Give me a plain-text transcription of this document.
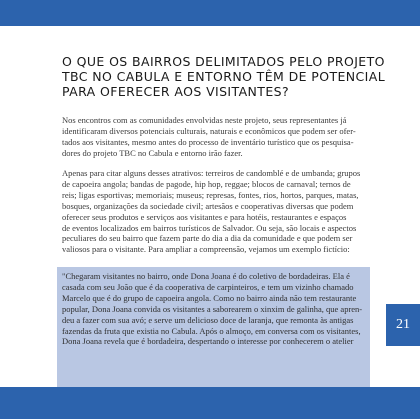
O QUE OS BAIRROS DELIMITADOS PELO PROJETO
TBC NO CABULA E ENTORNO TÊM DE POTENCIAL
PARA OFERECER AOS VISITANTES?
Nos encontros com as comunidades envolvidas neste projeto, seus representantes já
identificaram diversos potenciais culturais, naturais e econômicos que podem ser ofer-
tados aos visitantes, mesmo antes do processo de inventário turístico que os pesquisa-
dores do projeto TBC no Cabula e entorno irão fazer.
Apenas para citar alguns desses atrativos: terreiros de candomblé e de umbanda; grupos
de capoeira angola; bandas de pagode, hip hop, reggae; blocos de carnaval; ternos de
reis; ligas esportivas; memoriais; museus; represas, fontes, rios, hortos, parques, matas,
bosques, organizações da sociedade civil; artesãos e cooperativas diversas que podem
oferecer seus produtos e serviços aos visitantes e para hotéis, restaurantes e espaços
de eventos localizados em bairros turísticos de Salvador. Ou seja, são locais e aspectos
peculiares do seu bairro que fazem parte do dia a dia da comunidade e que podem ser
valiosos para o visitante. Para ampliar a compreensão, vejamos um exemplo fictício:
"Chegaram visitantes no bairro, onde Dona Joana é do coletivo de bordadeiras. Ela é
casada com seu João que é da cooperativa de carpinteiros, e tem um vizinho chamado
Marcelo que é do grupo de capoeira angola. Como no bairro ainda não tem restaurante
popular, Dona Joana convida os visitantes a saborearem o xinxim de galinha, que apren-
deu a fazer com sua avó; e serve um delicioso doce de laranja, que remonta às antigas
fazendas da fruta que existia no Cabula. Após o almoço, em conversa com os visitantes,
Dona Joana revela que é bordadeira, despertando o interesse por conhecerem o atelier
21
